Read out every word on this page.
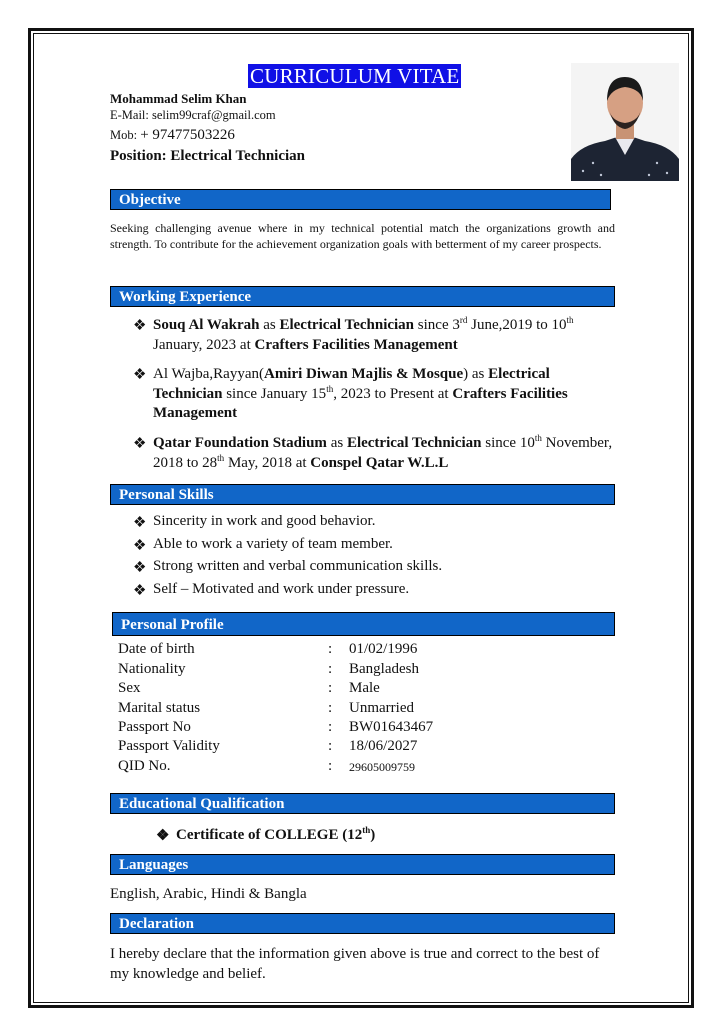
CURRICULUM VITAE
Mohammad Selim Khan
E-Mail: selim99craf@gmail.com
Mob: + 97477503226
Position: Electrical Technician
Objective
Seeking challenging avenue where in my technical potential match the organizations growth and strength. To contribute for the achievement organization goals with betterment of my career prospects.
Working Experience
❖ Souq Al Wakrah as Electrical Technician since 3rd June,2019 to 10th January, 2023 at Crafters Facilities Management
❖ Al Wajba,Rayyan(Amiri Diwan Majlis & Mosque) as Electrical Technician since January 15th, 2023 to Present at Crafters Facilities Management
❖ Qatar Foundation Stadium as Electrical Technician since 10th November, 2018 to 28th May, 2018 at Conspel Qatar W.L.L
Personal Skills
❖ Sincerity in work and good behavior.
❖ Able to work a variety of team member.
❖ Strong written and verbal communication skills.
❖ Self – Motivated and work under pressure.
Personal Profile
Date of birth	: 01/02/1996
Nationality	: Bangladesh
Sex	: Male
Marital status	: Unmarried
Passport No	: BW01643467
Passport Validity	: 18/06/2027
QID No.	: 29605009759
Educational Qualification
❖ Certificate of COLLEGE (12th)
Languages
English, Arabic, Hindi & Bangla
Declaration
I hereby declare that the information given above is true and correct to the best of my knowledge and belief.
